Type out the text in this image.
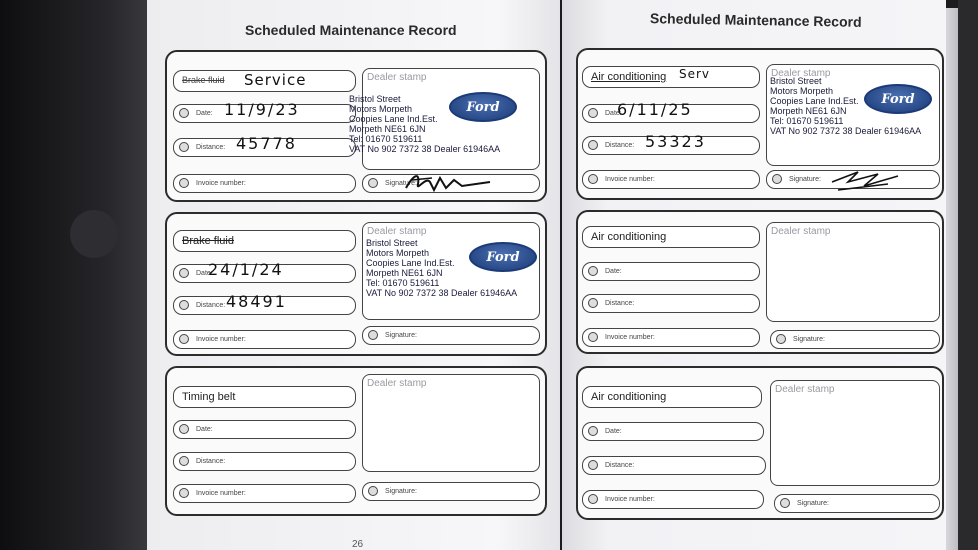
Scheduled Maintenance Record
Brake fluid Service
Date: 11/9/23
Distance: 45778
Invoice number:
Dealer stamp
Bristol Street
Motors Morpeth
Coopies Lane Ind.Est.
Morpeth NE61 6JN
Tel: 01670 519611
VAT No 902 7372 38 Dealer 61946AA
Ford
Signature:
Brake fluid
Date:
24/1/24
Distance: 48491
Invoice number:
Dealer stamp
Bristol Street
Motors Morpeth
Coopies Lane Ind.Est.
Morpeth NE61 6JN
Tel: 01670 519611
VAT No 902 7372 38 Dealer 61946AA
Ford
Signature:
Timing belt
Date:
Distance:
Invoice number:
Dealer stamp
Signature:
26
Scheduled Maintenance Record
Air conditioning Serv
Date:
6/11/25
Distance: 53323
Invoice number:
Dealer stamp
Bristol Street
Motors Morpeth
Coopies Lane Ind.Est.
Morpeth NE61 6JN
Tel: 01670 519611
VAT No 902 7372 38 Dealer 61946AA
Ford
Signature:
Air conditioning
Date:
Distance:
Invoice number:
Dealer stamp
Signature:
Air conditioning
Date:
Distance:
Invoice number:
Dealer stamp
Signature:
